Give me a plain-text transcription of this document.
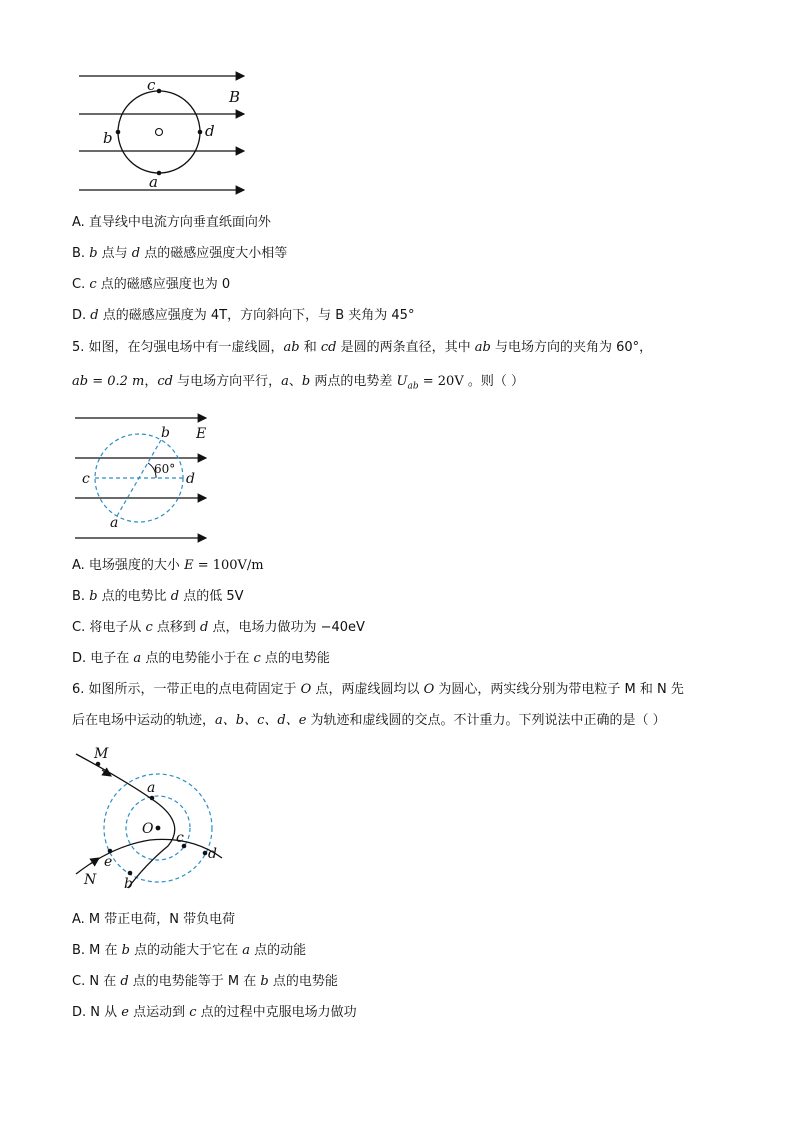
c
b	d
a
B
A. 直导线中电流方向垂直纸面向外
B. b 点与 d 点的磁感应强度大小相等
C. c 点的磁感应强度也为 0
D. d 点的磁感应强度为 4T，方向斜向下，与 B 夹角为 45°
5. 如图，在匀强电场中有一虚线圆，ab 和 cd 是圆的两条直径，其中 ab 与电场方向的夹角为 60°，
ab = 0.2 m，cd 与电场方向平行，a、b 两点的电势差 $U_{ab} = 20V$ 。则（ ）
b E
60°
c	d
a
A. 电场强度的大小 E = 100V/m
B. b 点的电势比 d 点的低 5V
C. 将电子从 c 点移到 d 点，电场力做功为 −40eV
D. 电子在 a 点的电势能小于在 c 点的电势能
6. 如图所示，一带正电的点电荷固定于 O 点，两虚线圆均以 O 为圆心，两实线分别为带电粒子 M 和 N 先
后在电场中运动的轨迹，a、b、c、d、e 为轨迹和虚线圆的交点。不计重力。下列说法中正确的是（ ）
M
a
O
c
d
e
N b
A. M 带正电荷，N 带负电荷
B. M 在 b 点的动能大于它在 a 点的动能
C. N 在 d 点的电势能等于 M 在 b 点的电势能
D. N 从 e 点运动到 c 点的过程中克服电场力做功
